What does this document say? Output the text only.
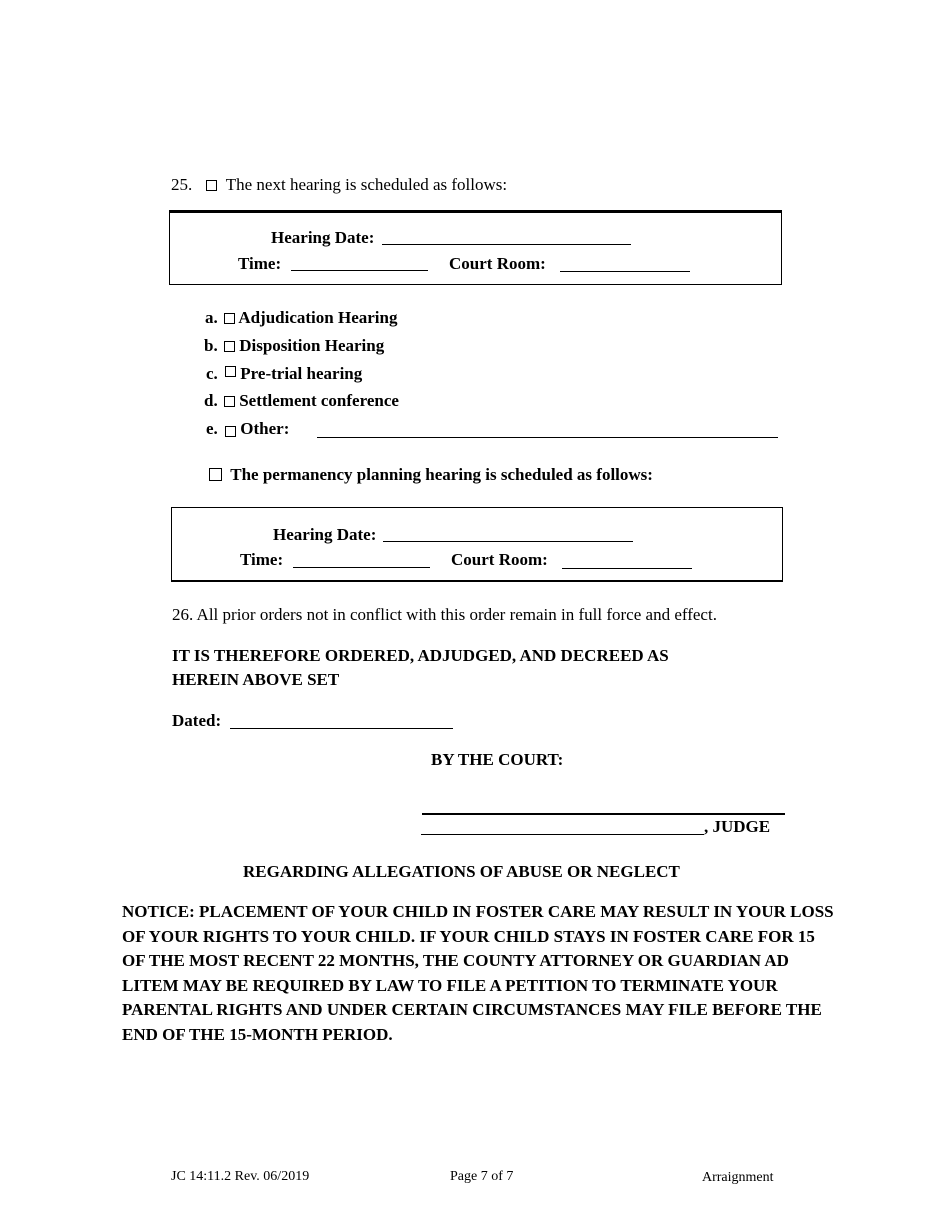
25. The next hearing is scheduled as follows:
Hearing Date:
Time:	Court Room:
a. Adjudication Hearing
b. Disposition Hearing
c. Pre-trial hearing
d. Settlement conference
e. Other:
The permanency planning hearing is scheduled as follows:
Hearing Date:
Time:	Court Room:
26. All prior orders not in conflict with this order remain in full force and effect.
IT IS THEREFORE ORDERED, ADJUDGED, AND DECREED AS
HEREIN ABOVE SET
Dated:
BY THE COURT:
, JUDGE
REGARDING ALLEGATIONS OF ABUSE OR NEGLECT
NOTICE: PLACEMENT OF YOUR CHILD IN FOSTER CARE MAY RESULT IN YOUR LOSS OF YOUR RIGHTS TO YOUR CHILD. IF YOUR CHILD STAYS IN FOSTER CARE FOR 15 OF THE MOST RECENT 22 MONTHS, THE COUNTY ATTORNEY OR GUARDIAN AD LITEM MAY BE REQUIRED BY LAW TO FILE A PETITION TO TERMINATE YOUR PARENTAL RIGHTS AND UNDER CERTAIN CIRCUMSTANCES MAY FILE BEFORE THE END OF THE 15-MONTH PERIOD.
JC 14:11.2 Rev. 06/2019	Page 7 of 7	Arraignment
